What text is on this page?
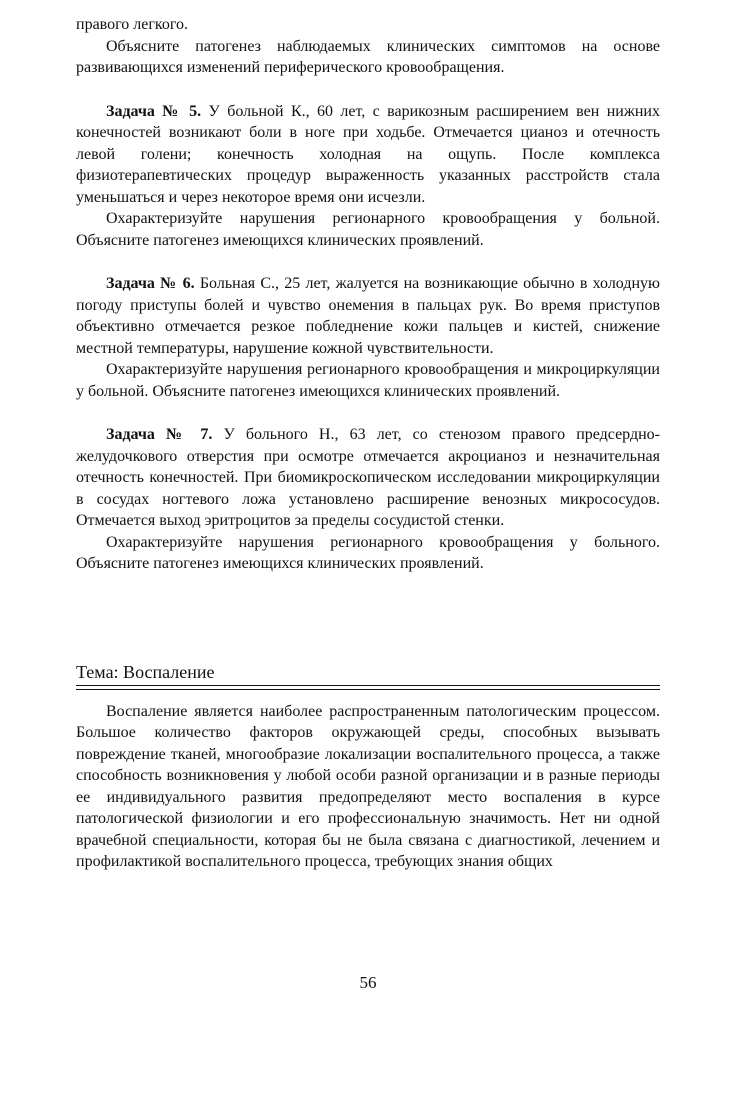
правого легкого.

Объясните патогенез наблюдаемых клинических симптомов на основе развивающихся изменений периферического кровообращения.

Задача № 5. У больной К., 60 лет, с варикозным расширением вен нижних конечностей возникают боли в ноге при ходьбе. Отмечается цианоз и отечность левой голени; конечность холодная на ощупь. После комплекса физиотерапевтических процедур выраженность указанных расстройств стала уменьшаться и через некоторое время они исчезли.

Охарактеризуйте нарушения регионарного кровообращения у больной. Объясните патогенез имеющихся клинических проявлений.

Задача № 6. Больная С., 25 лет, жалуется на возникающие обычно в холодную погоду приступы болей и чувство онемения в пальцах рук. Во время приступов объективно отмечается резкое побледнение кожи пальцев и кистей, снижение местной температуры, нарушение кожной чувствительности.

Охарактеризуйте нарушения регионарного кровообращения и микроциркуляции у больной. Объясните патогенез имеющихся клинических проявлений.

Задача № 7. У больного Н., 63 лет, со стенозом правого предсердно-желудочкового отверстия при осмотре отмечается акроцианоз и незначительная отечность конечностей. При биомикроскопическом исследовании микроциркуляции в сосудах ногтевого ложа установлено расширение венозных микрососудов. Отмечается выход эритроцитов за пределы сосудистой стенки.

Охарактеризуйте нарушения регионарного кровообращения у больного. Объясните патогенез имеющихся клинических проявлений.

Тема: Воспаление

Воспаление является наиболее распространенным патологическим процессом. Большое количество факторов окружающей среды, способных вызывать повреждение тканей, многообразие локализации воспалительного процесса, а также способность возникновения у любой особи разной организации и в разные периоды ее индивидуального развития предопределяют место воспаления в курсе патологической физиологии и его профессиональную значимость. Нет ни одной врачебной специальности, которая бы не была связана с диагностикой, лечением и профилактикой воспалительного процесса, требующих знания общих

56
